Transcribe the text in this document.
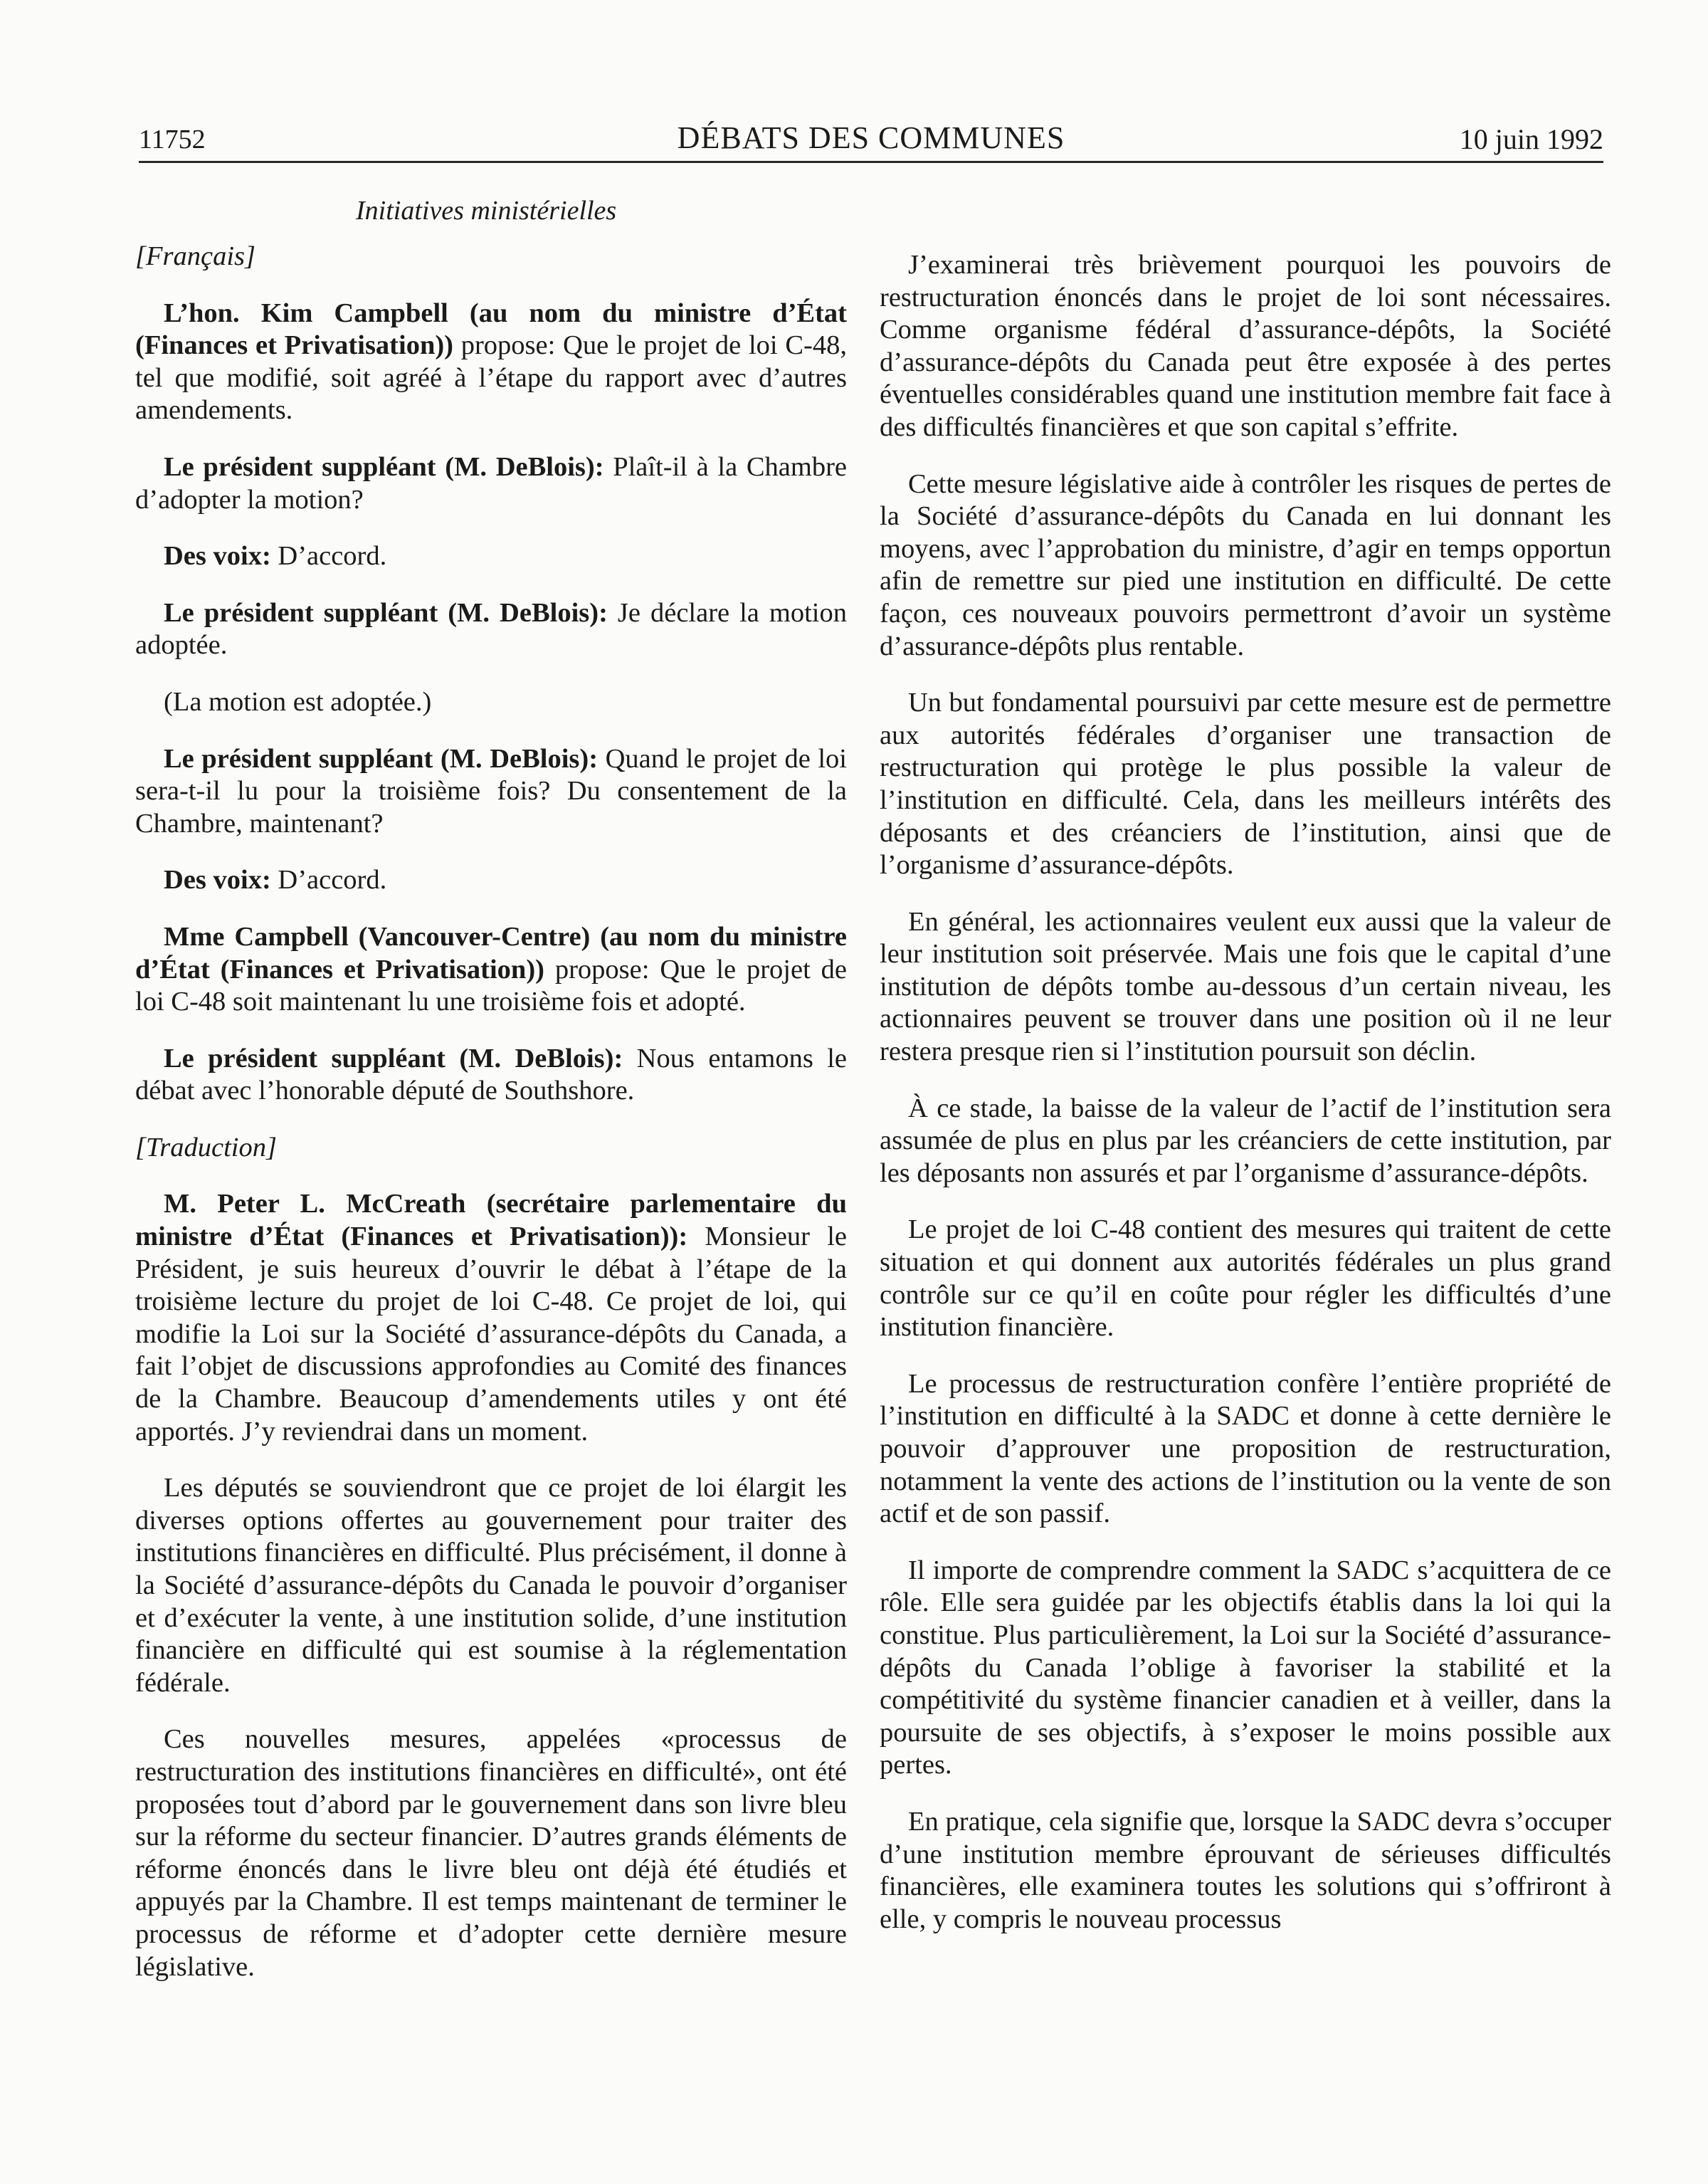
11752	DÉBATS DES COMMUNES	10 juin 1992
Initiatives ministérielles

[Français]

L’hon. Kim Campbell (au nom du ministre d’État (Finances et Privatisation)) propose: Que le projet de loi C-48, tel que modifié, soit agréé à l’étape du rapport avec d’autres amendements.

Le président suppléant (M. DeBlois): Plaît-il à la Chambre d’adopter la motion?

Des voix: D’accord.

Le président suppléant (M. DeBlois): Je déclare la motion adoptée.

(La motion est adoptée.)

Le président suppléant (M. DeBlois): Quand le projet de loi sera-t-il lu pour la troisième fois? Du consentement de la Chambre, maintenant?

Des voix: D’accord.

Mme Campbell (Vancouver-Centre) (au nom du ministre d’État (Finances et Privatisation)) propose: Que le projet de loi C-48 soit maintenant lu une troisième fois et adopté.

Le président suppléant (M. DeBlois): Nous entamons le débat avec l’honorable député de Southshore.

[Traduction]

M. Peter L. McCreath (secrétaire parlementaire du ministre d’État (Finances et Privatisation)): Monsieur le Président, je suis heureux d’ouvrir le débat à l’étape de la troisième lecture du projet de loi C-48. Ce projet de loi, qui modifie la Loi sur la Société d’assurance-dépôts du Canada, a fait l’objet de discussions approfondies au Comité des finances de la Chambre. Beaucoup d’amendements utiles y ont été apportés. J’y reviendrai dans un moment.

Les députés se souviendront que ce projet de loi élargit les diverses options offertes au gouvernement pour traiter des institutions financières en difficulté. Plus précisément, il donne à la Société d’assurance-dépôts du Canada le pouvoir d’organiser et d’exécuter la vente, à une institution solide, d’une institution financière en difficulté qui est soumise à la réglementation fédérale.

Ces nouvelles mesures, appelées «processus de restructuration des institutions financières en difficulté», ont été proposées tout d’abord par le gouvernement dans son livre bleu sur la réforme du secteur financier. D’autres grands éléments de réforme énoncés dans le livre bleu ont déjà été étudiés et appuyés par la Chambre. Il est temps maintenant de terminer le processus de réforme et d’adopter cette dernière mesure législative.

J’examinerai très brièvement pourquoi les pouvoirs de restructuration énoncés dans le projet de loi sont nécessaires. Comme organisme fédéral d’assurance-dépôts, la Société d’assurance-dépôts du Canada peut être exposée à des pertes éventuelles considérables quand une institution membre fait face à des difficultés financières et que son capital s’effrite.

Cette mesure législative aide à contrôler les risques de pertes de la Société d’assurance-dépôts du Canada en lui donnant les moyens, avec l’approbation du ministre, d’agir en temps opportun afin de remettre sur pied une institution en difficulté. De cette façon, ces nouveaux pouvoirs permettront d’avoir un système d’assurance-dépôts plus rentable.

Un but fondamental poursuivi par cette mesure est de permettre aux autorités fédérales d’organiser une transaction de restructuration qui protège le plus possible la valeur de l’institution en difficulté. Cela, dans les meilleurs intérêts des déposants et des créanciers de l’institution, ainsi que de l’organisme d’assurance-dépôts.

En général, les actionnaires veulent eux aussi que la valeur de leur institution soit préservée. Mais une fois que le capital d’une institution de dépôts tombe au-dessous d’un certain niveau, les actionnaires peuvent se trouver dans une position où il ne leur restera presque rien si l’institution poursuit son déclin.

À ce stade, la baisse de la valeur de l’actif de l’institution sera assumée de plus en plus par les créanciers de cette institution, par les déposants non assurés et par l’organisme d’assurance-dépôts.

Le projet de loi C-48 contient des mesures qui traitent de cette situation et qui donnent aux autorités fédérales un plus grand contrôle sur ce qu’il en coûte pour régler les difficultés d’une institution financière.

Le processus de restructuration confère l’entière propriété de l’institution en difficulté à la SADC et donne à cette dernière le pouvoir d’approuver une proposition de restructuration, notamment la vente des actions de l’institution ou la vente de son actif et de son passif.

Il importe de comprendre comment la SADC s’acquittera de ce rôle. Elle sera guidée par les objectifs établis dans la loi qui la constitue. Plus particulièrement, la Loi sur la Société d’assurance-dépôts du Canada l’oblige à favoriser la stabilité et la compétitivité du système financier canadien et à veiller, dans la poursuite de ses objectifs, à s’exposer le moins possible aux pertes.

En pratique, cela signifie que, lorsque la SADC devra s’occuper d’une institution membre éprouvant de sérieuses difficultés financières, elle examinera toutes les solutions qui s’offriront à elle, y compris le nouveau processus
